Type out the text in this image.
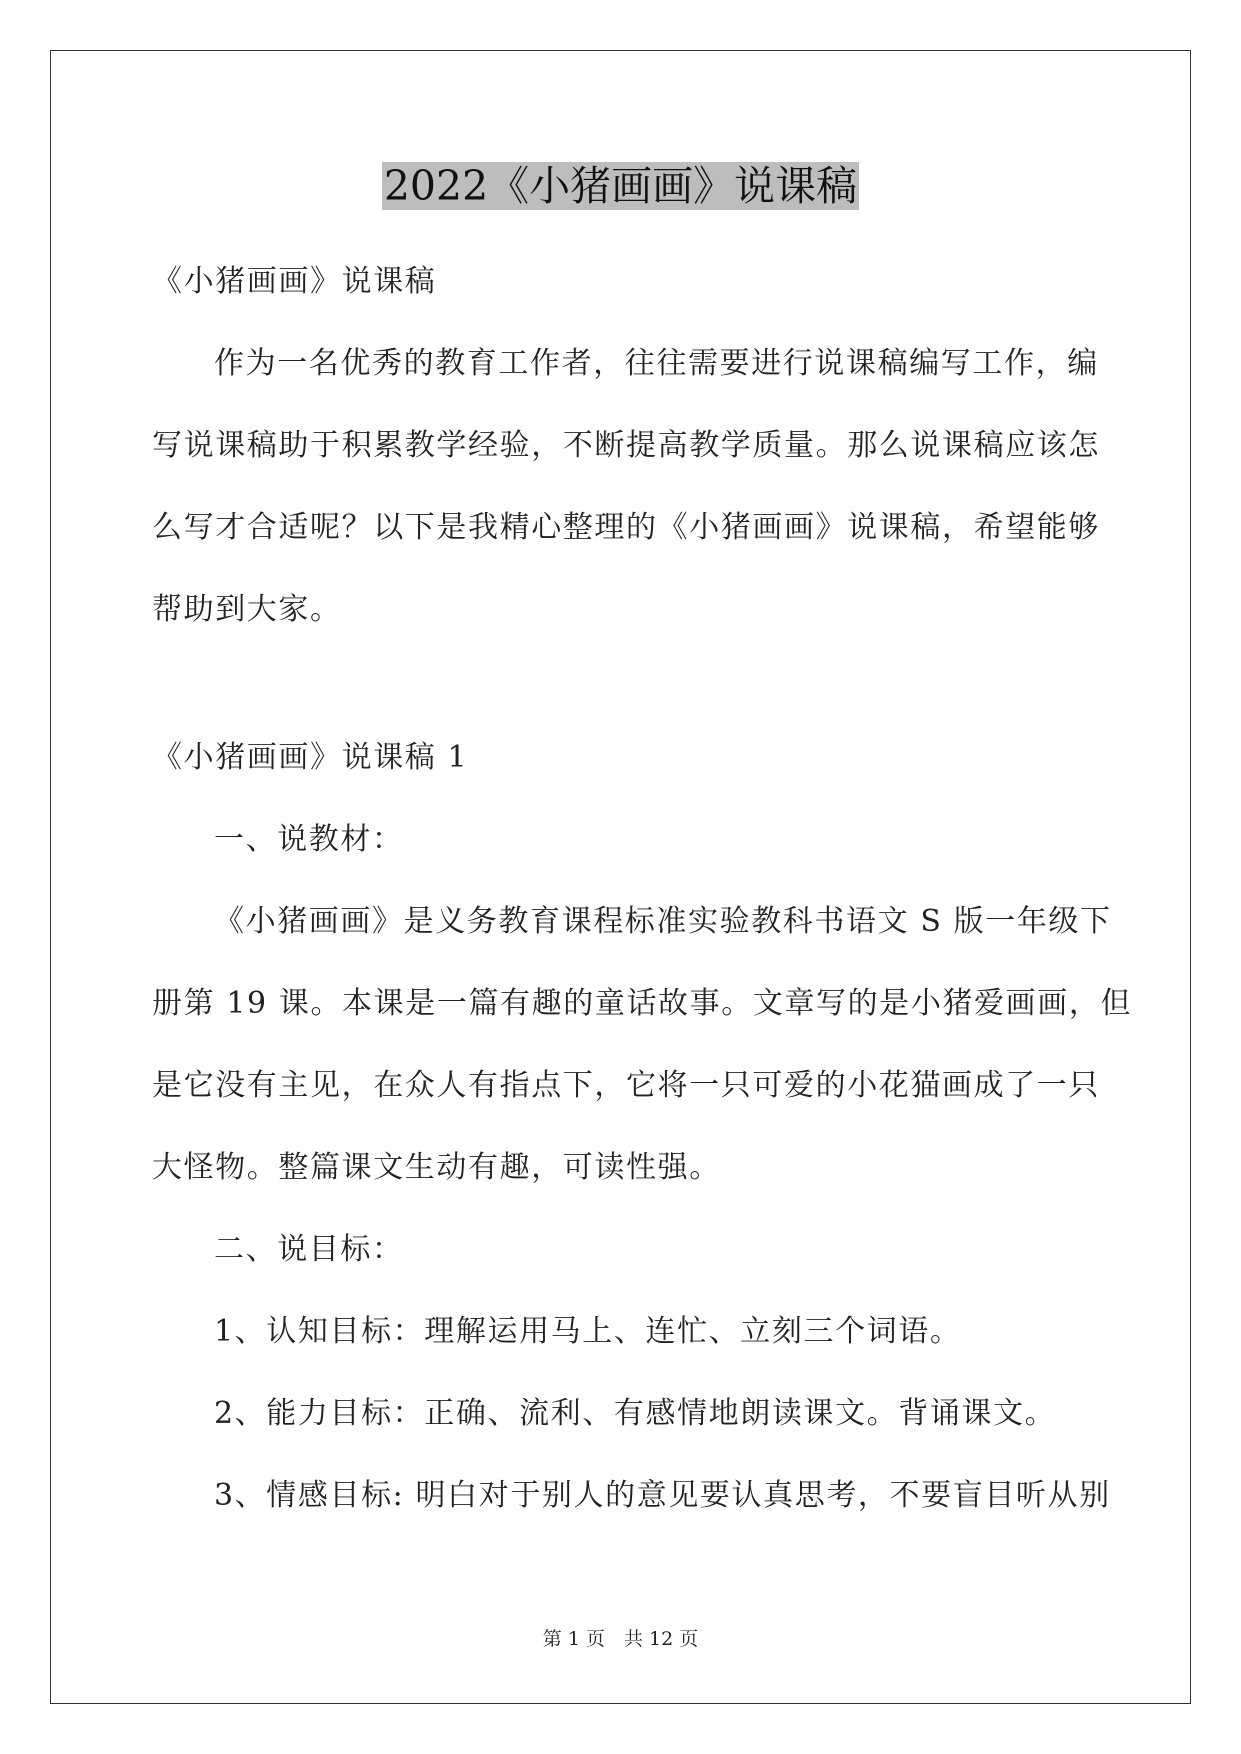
2022《小猪画画》说课稿
《小猪画画》说课稿
作为一名优秀的教育工作者，往往需要进行说课稿编写工作，编
写说课稿助于积累教学经验，不断提高教学质量。那么说课稿应该怎
么写才合适呢？以下是我精心整理的《小猪画画》说课稿，希望能够
帮助到大家。
《小猪画画》说课稿 1
一、说教材：
《小猪画画》是义务教育课程标准实验教科书语文 S 版一年级下
册第 19 课。本课是一篇有趣的童话故事。文章写的是小猪爱画画，但
是它没有主见，在众人有指点下，它将一只可爱的小花猫画成了一只
大怪物。整篇课文生动有趣，可读性强。
二、说目标：
1、认知目标：理解运用马上、连忙、立刻三个词语。
2、能力目标：正确、流利、有感情地朗读课文。背诵课文。
3、情感目标: 明白对于别人的意见要认真思考，不要盲目听从别
第 1 页　共 12 页
